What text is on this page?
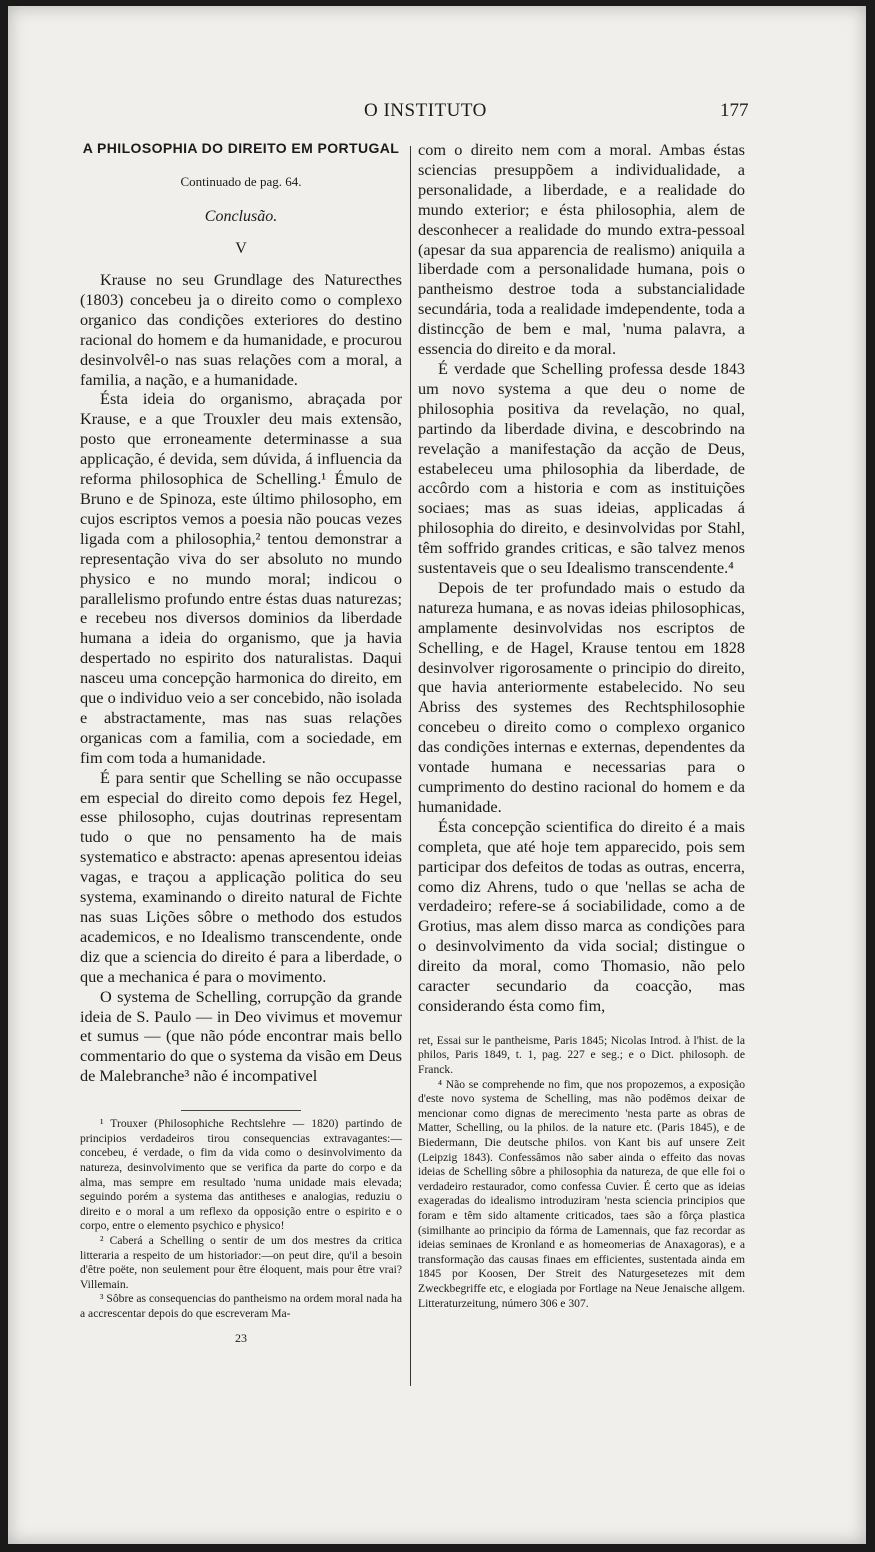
O INSTITUTO	177

A PHILOSOPHIA DO DIREITO EM PORTUGAL

Continuado de pag. 64.

Conclusão.

V

Krause no seu Grundlage des Naturecthes (1803) concebeu ja o direito como o complexo organico das condições exteriores do destino racional do homem e da humanidade, e procurou desinvolvêl-o nas suas relações com a moral, a familia, a nação, e a humanidade.

Ésta ideia do organismo, abraçada por Krause, e a que Trouxler deu mais extensão, posto que erroneamente determinasse a sua applicação, é devida, sem dúvida, á influencia da reforma philosophica de Schelling.¹ Émulo de Bruno e de Spinoza, este último philosopho, em cujos escriptos vemos a poesia não poucas vezes ligada com a philosophia,² tentou demonstrar a representação viva do ser absoluto no mundo physico e no mundo moral; indicou o parallelismo profundo entre éstas duas naturezas; e recebeu nos diversos dominios da liberdade humana a ideia do organismo, que ja havia despertado no espirito dos naturalistas. Daqui nasceu uma concepção harmonica do direito, em que o individuo veio a ser concebido, não isolada e abstractamente, mas nas suas relações organicas com a familia, com a sociedade, em fim com toda a humanidade.

É para sentir que Schelling se não occupasse em especial do direito como depois fez Hegel, esse philosopho, cujas doutrinas representam tudo o que no pensamento ha de mais systematico e abstracto: apenas apresentou ideias vagas, e traçou a applicação politica do seu systema, examinando o direito natural de Fichte nas suas Lições sôbre o methodo dos estudos academicos, e no Idealismo transcendente, onde diz que a sciencia do direito é para a liberdade, o que a mechanica é para o movimento.

O systema de Schelling, corrupção da grande ideia de S. Paulo — in Deo vivimus et movemur et sumus — (que não póde encontrar mais bello commentario do que o systema da visão em Deus de Malebranche³ não é incompativel

¹ Trouxer (Philosophiche Rechtslehre — 1820) partindo de principios verdadeiros tirou consequencias extravagantes:— concebeu, é verdade, o fim da vida como o desinvolvimento da natureza, desinvolvimento que se verifica da parte do corpo e da alma, mas sempre em resultado 'numa unidade mais elevada; seguindo porém a systema das antitheses e analogias, reduziu o direito e o moral a um reflexo da opposição entre o espirito e o corpo, entre o elemento psychico e physico!

² Caberá a Schelling o sentir de um dos mestres da critica litteraria a respeito de um historiador:—on peut dire, qu'il a besoin d'être poëte, non seulement pour être éloquent, mais pour être vrai? Villemain.

³ Sôbre as consequencias do pantheismo na ordem moral nada ha a accrescentar depois do que escreveram Ma-

23

com o direito nem com a moral. Ambas éstas sciencias presuppõem a individualidade, a personalidade, a liberdade, e a realidade do mundo exterior; e ésta philosophia, alem de desconhecer a realidade do mundo extra-pessoal (apesar da sua apparencia de realismo) aniquila a liberdade com a personalidade humana, pois o pantheismo destroe toda a substancialidade secundária, toda a realidade imdependente, toda a distincção de bem e mal, 'numa palavra, a essencia do direito e da moral.

É verdade que Schelling professa desde 1843 um novo systema a que deu o nome de philosophia positiva da revelação, no qual, partindo da liberdade divina, e descobrindo na revelação a manifestação da acção de Deus, estabeleceu uma philosophia da liberdade, de accôrdo com a historia e com as instituições sociaes; mas as suas ideias, applicadas á philosophia do direito, e desinvolvidas por Stahl, têm soffrido grandes criticas, e são talvez menos sustentaveis que o seu Idealismo transcendente.⁴

Depois de ter profundado mais o estudo da natureza humana, e as novas ideias philosophicas, amplamente desinvolvidas nos escriptos de Schelling, e de Hagel, Krause tentou em 1828 desinvolver rigorosamente o principio do direito, que havia anteriormente estabelecido. No seu Abriss des systemes des Rechtsphilosophie concebeu o direito como o complexo organico das condições internas e externas, dependentes da vontade humana e necessarias para o cumprimento do destino racional do homem e da humanidade.

Ésta concepção scientifica do direito é a mais completa, que até hoje tem apparecido, pois sem participar dos defeitos de todas as outras, encerra, como diz Ahrens, tudo o que 'nellas se acha de verdadeiro; refere-se á sociabilidade, como a de Grotius, mas alem disso marca as condições para o desinvolvimento da vida social; distingue o direito da moral, como Thomasio, não pelo caracter secundario da coacção, mas considerando ésta como fim,

ret, Essai sur le pantheisme, Paris 1845; Nicolas Introd. à l'hist. de la philos, Paris 1849, t. 1, pag. 227 e seg.; e o Dict. philosoph. de Franck.

⁴ Não se comprehende no fim, que nos propozemos, a exposição d'este novo systema de Schelling, mas não podêmos deixar de mencionar como dignas de merecimento 'nesta parte as obras de Matter, Schelling, ou la philos. de la nature etc. (Paris 1845), e de Biedermann, Die deutsche philos. von Kant bis auf unsere Zeit (Leipzig 1843). Confessâmos não saber ainda o effeito das novas ideias de Schelling sôbre a philosophia da natureza, de que elle foi o verdadeiro restaurador, como confessa Cuvier. É certo que as ideias exageradas do idealismo introduziram 'nesta sciencia principios que foram e têm sido altamente criticados, taes são a fôrça plastica (similhante ao principio da fórma de Lamennais, que faz recordar as ideias seminaes de Kronland e as homeomerias de Anaxagoras), e a transformação das causas finaes em efficientes, sustentada ainda em 1845 por Koosen, Der Streit des Naturgesetezes mit dem Zweckbegriffe etc, e elogiada por Fortlage na Neue Jenaische allgem. Litteraturzeitung, número 306 e 307.
